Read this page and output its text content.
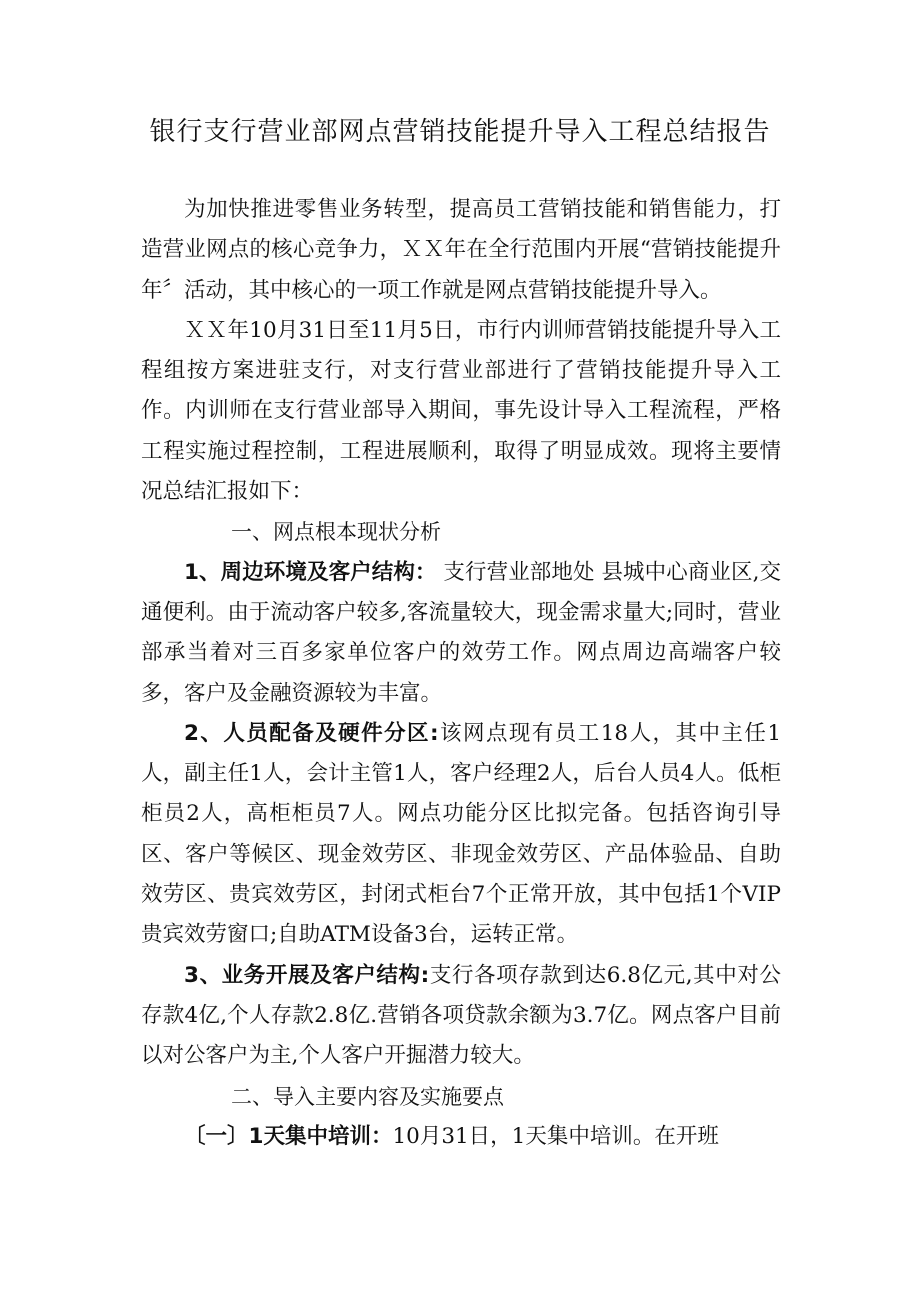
银行支行营业部网点营销技能提升导入工程总结报告

为加快推进零售业务转型，提高员工营销技能和销售能力，打造营业网点的核心竞争力，ＸＸ年在全行范围内开展“营销技能提升年〞活动，其中核心的一项工作就是网点营销技能提升导入。

ＸＸ年10月31日至11月5日，市行内训师营销技能提升导入工程组按方案进驻支行，对支行营业部进行了营销技能提升导入工作。内训师在支行营业部导入期间，事先设计导入工程流程，严格工程实施过程控制，工程进展顺利，取得了明显成效。现将主要情况总结汇报如下：

一、网点根本现状分析

1、周边环境及客户结构： 支行营业部地处 县城中心商业区,交通便利。由于流动客户较多,客流量较大，现金需求量大;同时，营业部承当着对三百多家单位客户的效劳工作。网点周边高端客户较多，客户及金融资源较为丰富。

2、人员配备及硬件分区:该网点现有员工18人，其中主任1人，副主任1人，会计主管1人，客户经理2人，后台人员4人。低柜柜员2人，高柜柜员7人。网点功能分区比拟完备。包括咨询引导区、客户等候区、现金效劳区、非现金效劳区、产品体验品、自助效劳区、贵宾效劳区，封闭式柜台7个正常开放，其中包括1个VIP贵宾效劳窗口;自助ATM设备3台，运转正常。

3、业务开展及客户结构:支行各项存款到达6.8亿元,其中对公存款4亿,个人存款2.8亿.营销各项贷款余额为3.7亿。网点客户目前以对公客户为主,个人客户开掘潜力较大。

二、导入主要内容及实施要点

〔一〕1天集中培训：10月31日，1天集中培训。在开班
